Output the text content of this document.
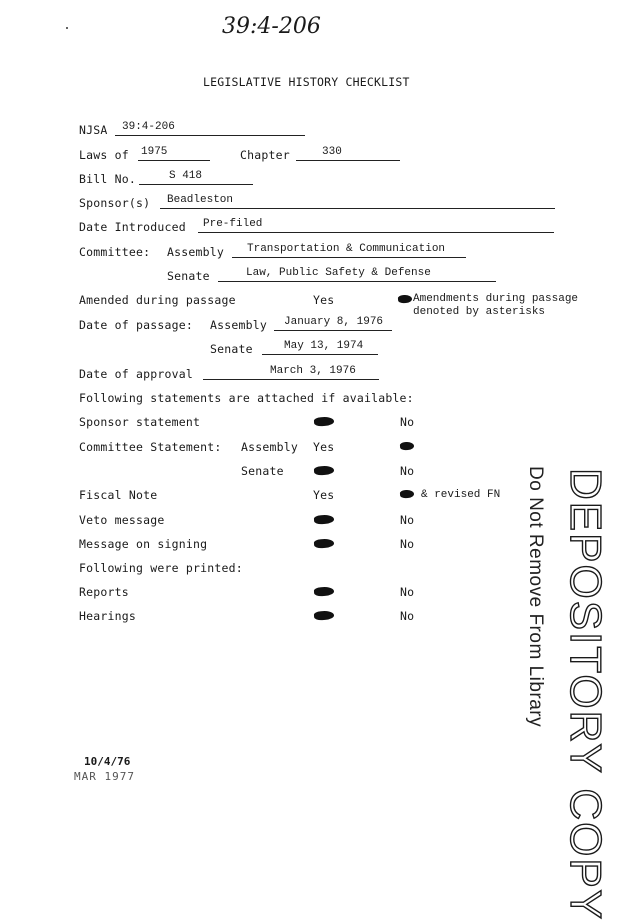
39:4-206
LEGISLATIVE HISTORY CHECKLIST
NJSA 39:4-206
Laws of 1975	Chapter	330
Bill No.	S 418
Sponsor(s) Beadleston
Date Introduced Pre-filed
Committee: Assembly Transportation & Communication
Senate	Law, Public Safety & Defense
Amended during passage	Yes	Amendments during passage
denoted by asterisks
Date of passage: Assembly January 8, 1976
Senate	May 13, 1974
Date of approval	March 3, 1976
Following statements are attached if available:
Sponsor statement	No
Committee Statement: Assembly Yes
Senate	No
Fiscal Note	Yes	& revised FN
Veto message	No
Message on signing	No
Following were printed:
Reports	No
Hearings	No	Do Not Remove From Library DEPOSITORY COPY
10/4/76
MAR 1977
